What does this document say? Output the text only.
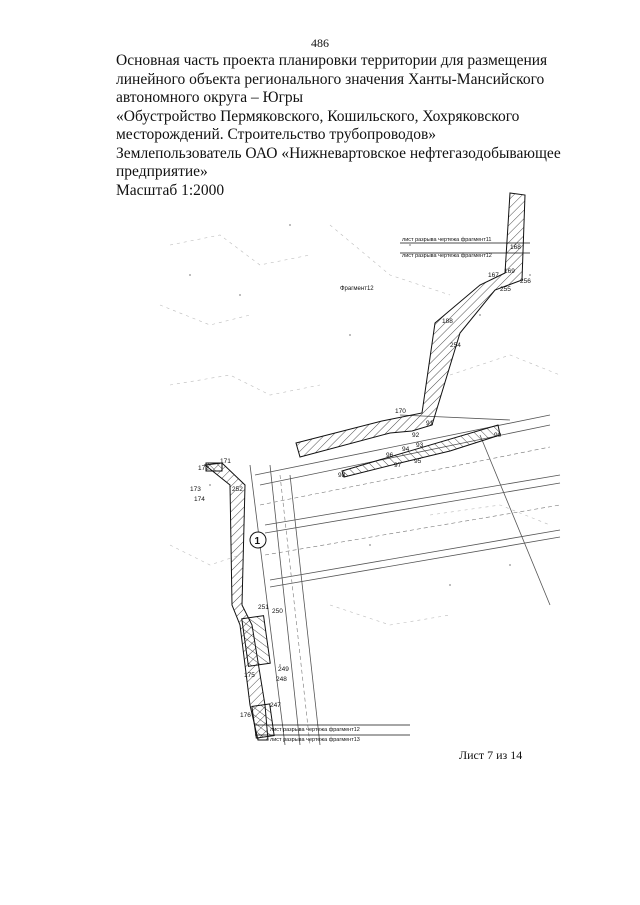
486
Основная часть проекта планировки территории для размещения
линейного объекта регионального значения Ханты-Мансийского
автономного округа – Югры
«Обустройство Пермяковского, Кошильского, Хохряковского
месторождений. Строительство трубопроводов»
Землепользователь ОАО «Нижневартовское нефтегазодобывающее
предприятие»
Масштаб 1:2000
лист разрыва чертежа фрагмент11
лист разрыва чертежа фрагмент12
лист разрыва чертежа фрагмент12
лист разрыва чертежа фрагмент13
Фрагмент12
1
168
169
167
256
255
188
254
170
91
92	90
93
94
95
96
97
98
171
172
173
174
252
251
250
249
175
248
176
247
Лист 7 из 14
